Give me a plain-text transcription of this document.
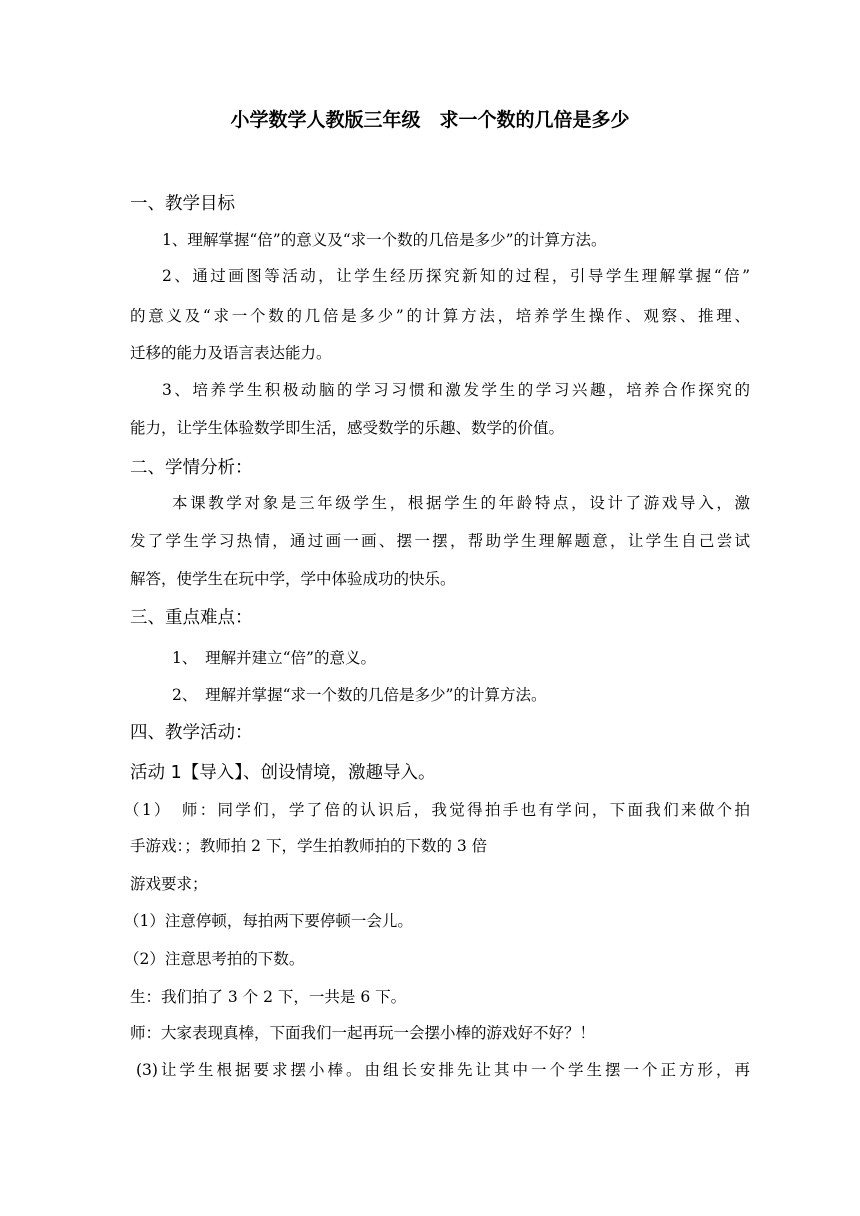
小学数学人教版三年级　求一个数的几倍是多少
一、教学目标
1、理解掌握“倍”的意义及“求一个数的几倍是多少”的计算方法。
2、通过画图等活动，让学生经历探究新知的过程，引导学生理解掌握“倍”
的意义及“求一个数的几倍是多少”的计算方法，培养学生操作、观察、推理、
迁移的能力及语言表达能力。
3、培养学生积极动脑的学习习惯和激发学生的学习兴趣，培养合作探究的
能力，让学生体验数学即生活，感受数学的乐趣、数学的价值。
二、学情分析：
本课教学对象是三年级学生，根据学生的年龄特点，设计了游戏导入，激
发了学生学习热情，通过画一画、摆一摆，帮助学生理解题意，让学生自己尝试
解答，使学生在玩中学，学中体验成功的快乐。
三、重点难点：
1、　理解并建立“倍”的意义。
2、　理解并掌握“求一个数的几倍是多少”的计算方法。
四、教学活动：
活动 1【导入】、创设情境，激趣导入。
（1）　师：同学们，学了倍的认识后，我觉得拍手也有学问，下面我们来做个拍
手游戏：；教师拍 2 下，学生拍教师拍的下数的 3 倍
游戏要求；
（1）注意停顿，每拍两下要停顿一会儿。
（2）注意思考拍的下数。
生：我们拍了 3 个 2 下，一共是 6 下。
师：大家表现真棒，下面我们一起再玩一会摆小棒的游戏好不好？！
(3)让学生根据要求摆小棒。由组长安排先让其中一个学生摆一个正方形，再
